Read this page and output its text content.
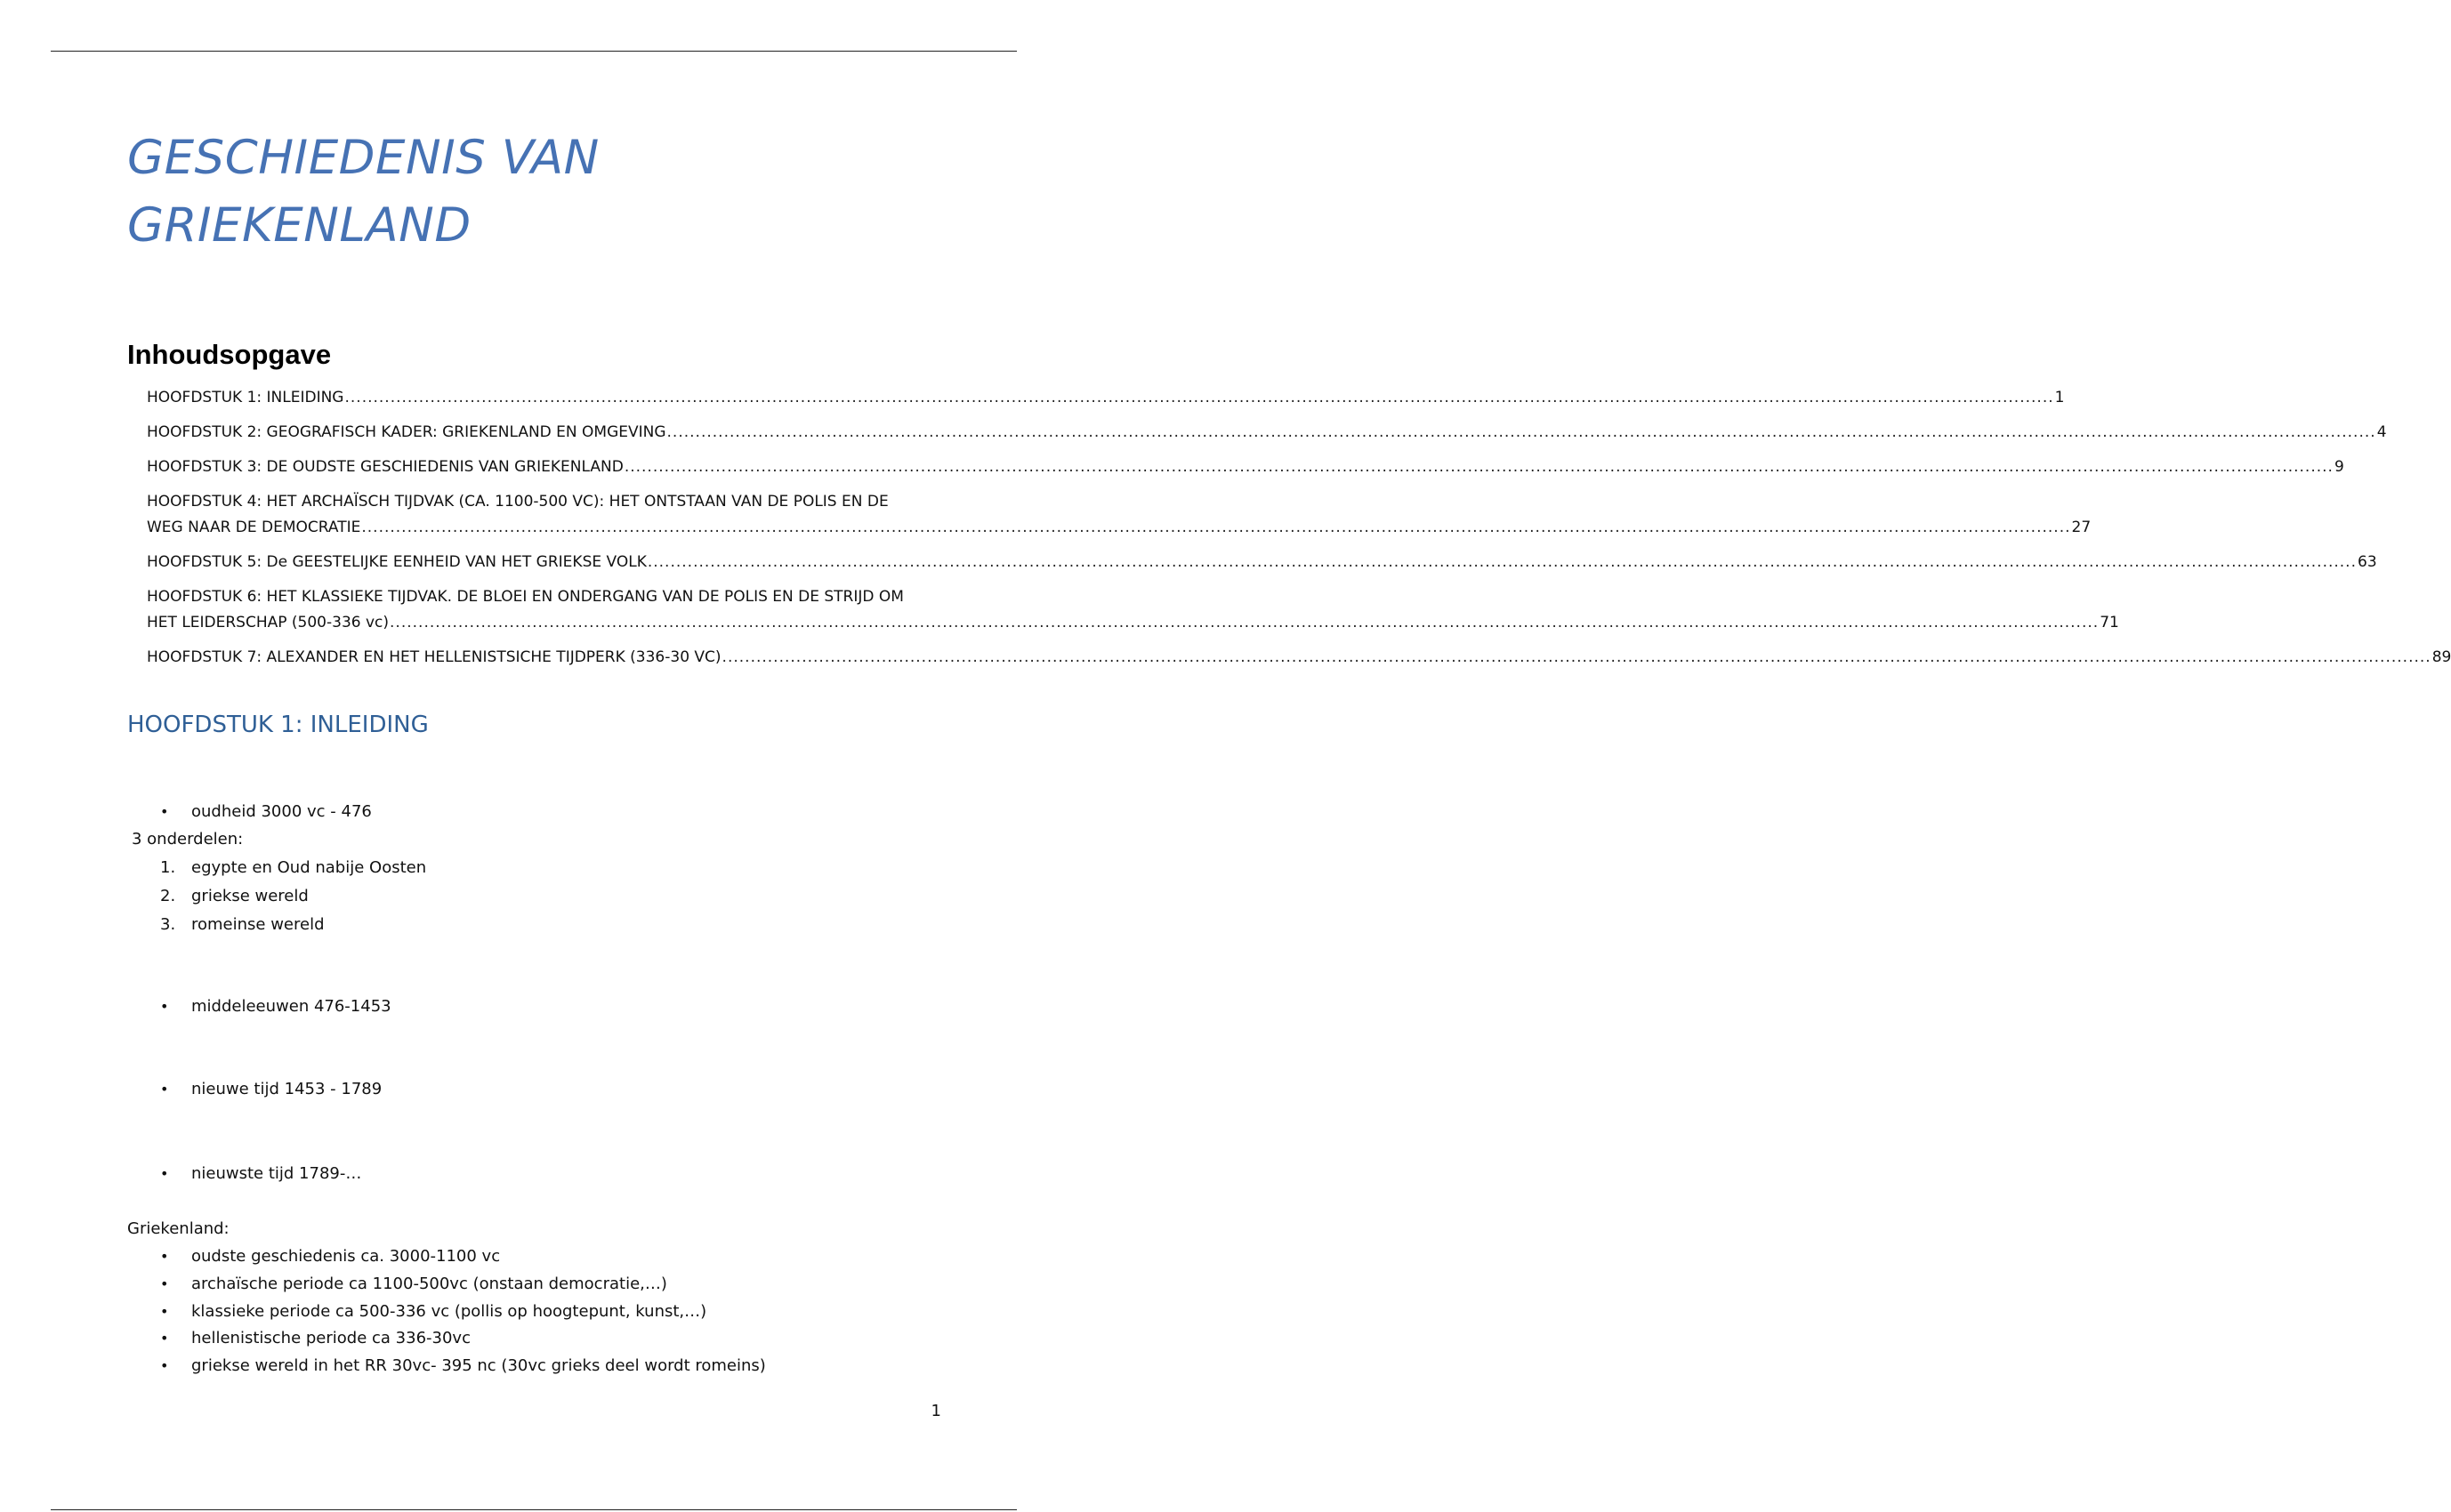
GESCHIEDENIS VAN
GRIEKENLAND
Inhoudsopgave
HOOFDSTUK 1: INLEIDING ............................................................................................................................................................................................................................................................................................................ 1
HOOFDSTUK 2: GEOGRAFISCH KADER: GRIEKENLAND EN OMGEVING ............................................................................................................................................................................................................................................................................................................ 4
HOOFDSTUK 3: DE OUDSTE GESCHIEDENIS VAN GRIEKENLAND ............................................................................................................................................................................................................................................................................................................ 9
HOOFDSTUK 4: HET ARCHAÏSCH TIJDVAK (CA. 1100-500 VC): HET ONTSTAAN VAN DE POLIS EN DE
WEG NAAR DE DEMOCRATIE ............................................................................................................................................................................................................................................................................................................ 27
HOOFDSTUK 5: De GEESTELIJKE EENHEID VAN HET GRIEKSE VOLK ............................................................................................................................................................................................................................................................................................................ 63
HOOFDSTUK 6: HET KLASSIEKE TIJDVAK. DE BLOEI EN ONDERGANG VAN DE POLIS EN DE STRIJD OM
HET LEIDERSCHAP (500-336 vc) ............................................................................................................................................................................................................................................................................................................ 71
HOOFDSTUK 7: ALEXANDER EN HET HELLENISTSICHE TIJDPERK (336-30 VC) ............................................................................................................................................................................................................................................................................................................ 89
HOOFDSTUK 1: INLEIDING
• oudheid 3000 vc - 476
3 onderdelen:
1. egypte en Oud nabije Oosten
2. griekse wereld
3. romeinse wereld
• middeleeuwen 476-1453
• nieuwe tijd 1453 - 1789
• nieuwste tijd 1789-…
Griekenland:
• oudste geschiedenis ca. 3000-1100 vc
• archaïsche periode ca 1100-500vc (onstaan democratie,…)
• klassieke periode ca 500-336 vc (pollis op hoogtepunt, kunst,…)
• hellenistische periode ca 336-30vc
• griekse wereld in het RR 30vc- 395 nc (30vc grieks deel wordt romeins)
1
